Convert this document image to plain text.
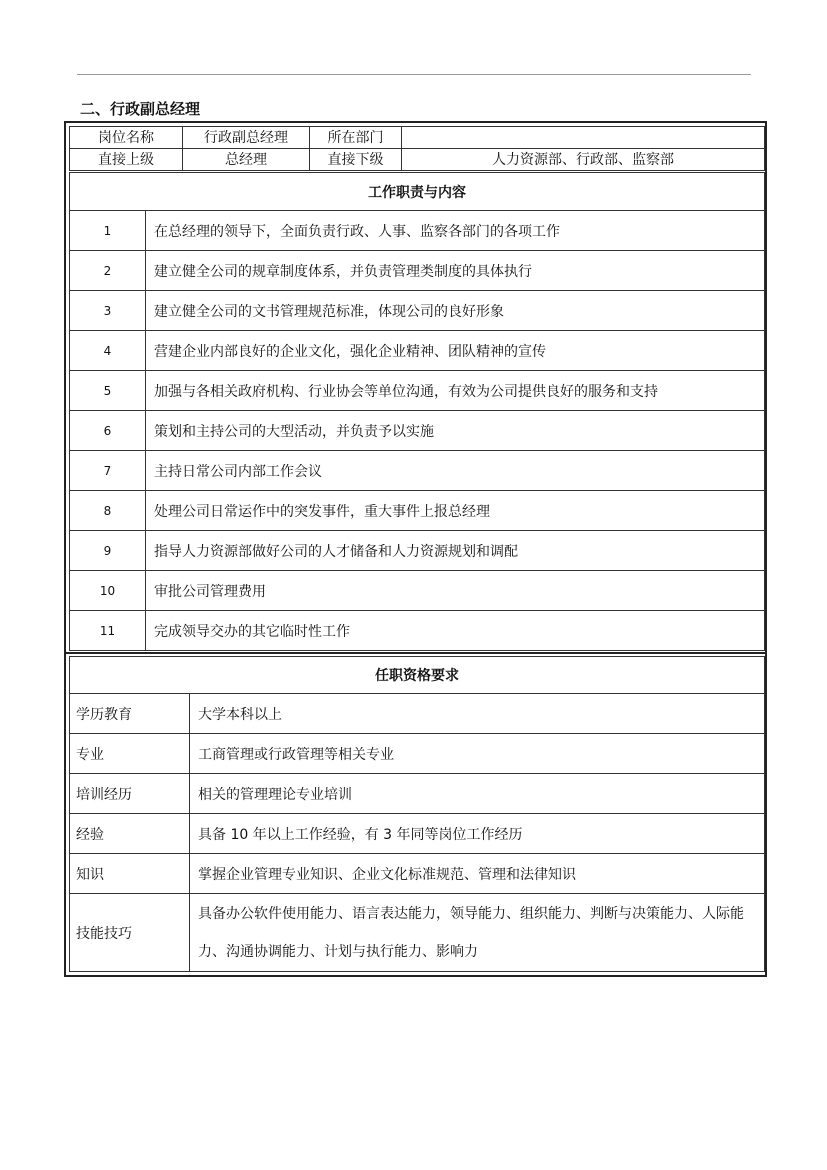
二、行政副总经理
岗位名称	行政副总经理	所在部门	
直接上级	总经理	直接下级	人力资源部、行政部、监察部
工作职责与内容	
1	在总经理的领导下，全面负责行政、人事、监察各部门的各项工作
2	建立健全公司的规章制度体系，并负责管理类制度的具体执行
3	建立健全公司的文书管理规范标准，体现公司的良好形象
4	营建企业内部良好的企业文化，强化企业精神、团队精神的宣传
5	加强与各相关政府机构、行业协会等单位沟通，有效为公司提供良好的服务和支持
6	策划和主持公司的大型活动，并负责予以实施
7	主持日常公司内部工作会议
8	处理公司日常运作中的突发事件，重大事件上报总经理
9	指导人力资源部做好公司的人才储备和人力资源规划和调配
10	审批公司管理费用
11	完成领导交办的其它临时性工作
任职资格要求	
学历教育	大学本科以上
专业	工商管理或行政管理等相关专业
培训经历	相关的管理理论专业培训
经验	具备 10 年以上工作经验，有 3 年同等岗位工作经历
知识	掌握企业管理专业知识、企业文化标准规范、管理和法律知识
技能技巧	具备办公软件使用能力、语言表达能力，领导能力、组织能力、判断与决策能力、人际能力、沟通协调能力、计划与执行能力、影响力
